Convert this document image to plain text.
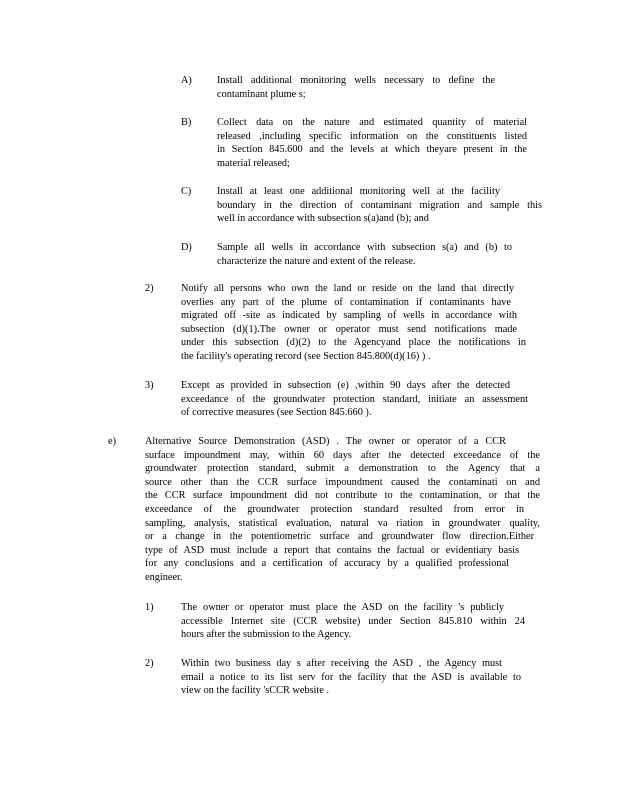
A) Install additional monitoring wells necessary to define the
contaminant plume s;
B) Collect data on the nature and estimated quantity of material
released ,including specific information on the constituents listed
in Section 845.600 and the levels at which theyare present in the
material released;
C) Install at least one additional monitoring well at the facility
boundary in the direction of contaminant migration and sample this
well in accordance with subsection s(a)and (b); and
D) Sample all wells in accordance with subsection s(a) and (b) to
characterize the nature and extent of the release.
2)	Notify all persons who own the land or reside on the land that directly
overlies any part of the plume of contamination if contaminants have
migrated off -site as indicated by sampling of wells in accordance with
subsection (d)(1).The owner or operator must send notifications made
under this subsection (d)(2) to the Agencyand place the notifications in
the facility's operating record (see Section 845.800(d)(16) ) .
3)	Except as provided in subsection (e) ,within 90 days after the detected
exceedance of the groundwater protection standard, initiate an assessment
of corrective measures (see Section 845.660 ).
e)	Alternative Source Demonstration (ASD) . The owner or operator of a CCR
surface impoundment may, within 60 days after the detected exceedance of the
groundwater protection standard, submit a demonstration to the Agency that a
source other than the CCR surface impoundment caused the contaminati on and
the CCR surface impoundment did not contribute to the contamination, or that the
exceedance of the groundwater protection standard resulted from error in
sampling, analysis, statistical evaluation, natural va riation in groundwater quality,
or a change in the potentiometric surface and groundwater flow direction.Either
type of ASD must include a report that contains the factual or evidentiary basis
for any conclusions and a certification of accuracy by a qualified professional
engineer.
1)	The owner or operator must place the ASD on the facility 's publicly
accessible Internet site (CCR website) under Section 845.810 within 24
hours after the submission to the Agency.
2)	Within two business day s after receiving the ASD , the Agency must
email a notice to its list serv for the facility that the ASD is available to
view on the facility 'sCCR website .
